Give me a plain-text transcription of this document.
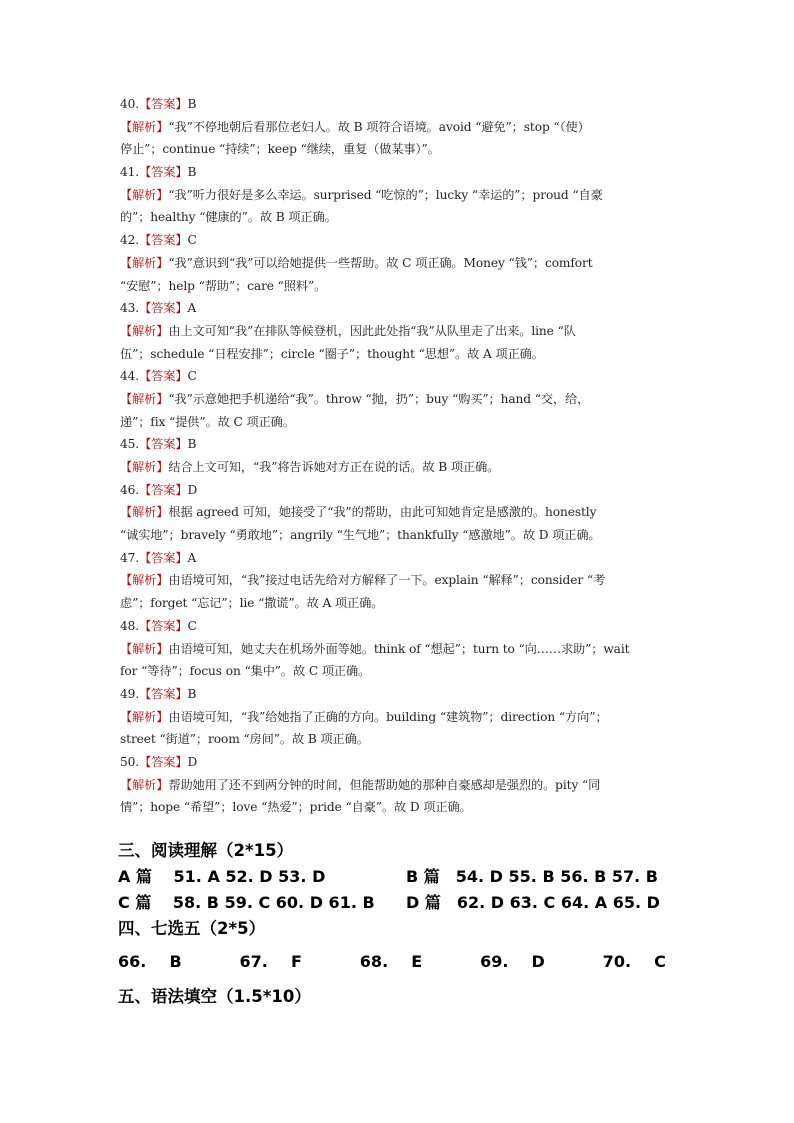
40.【答案】B
【解析】“我”不停地朝后看那位老妇人。故 B 项符合语境。avoid “避免”；stop “（使）
停止”；continue “持续”；keep “继续，重复（做某事）”。
41.【答案】B
【解析】“我”听力很好是多么幸运。surprised “吃惊的”；lucky “幸运的”；proud “自豪
的”；healthy “健康的”。故 B 项正确。
42.【答案】C
【解析】“我”意识到“我”可以给她提供一些帮助。故 C 项正确。Money “钱”；comfort
“安慰”；help “帮助”；care “照料”。
43.【答案】A
【解析】由上文可知“我”在排队等候登机，因此此处指“我”从队里走了出来。line “队
伍”；schedule “日程安排”；circle “圈子”；thought “思想”。故 A 项正确。
44.【答案】C
【解析】“我”示意她把手机递给“我”。throw “抛，扔”；buy “购买”；hand “交，给，
递”；fix “提供”。故 C 项正确。
45.【答案】B
【解析】结合上文可知，“我”将告诉她对方正在说的话。故 B 项正确。
46.【答案】D
【解析】根据 agreed 可知，她接受了“我”的帮助，由此可知她肯定是感激的。honestly
“诚实地”；bravely “勇敢地”；angrily “生气地”；thankfully “感激地”。故 D 项正确。
47.【答案】A
【解析】由语境可知，“我”接过电话先给对方解释了一下。explain “解释”；consider “考
虑”；forget “忘记”；lie “撒谎”。故 A 项正确。
48.【答案】C
【解析】由语境可知，她丈夫在机场外面等她。think of “想起”；turn to “向……求助”；wait
for “等待”；focus on “集中”。故 C 项正确。
49.【答案】B
【解析】由语境可知，“我”给她指了正确的方向。building “建筑物”；direction “方向”；
street “街道”；room “房间”。故 B 项正确。
50.【答案】D
【解析】帮助她用了还不到两分钟的时间，但能帮助她的那种自豪感却是强烈的。pity “同
情”；hope “希望”；love “热爱”；pride “自豪”。故 D 项正确。
三、阅读理解（2*15）
A 篇　 51. A 52. D 53. D	B 篇　54. D 55. B 56. B 57. B
C 篇　 58. B 59. C 60. D 61. B D 篇　62. D 63. C 64. A 65. D
四、七选五（2*5）
66.  B     67.  F     68.  E     69.  D     70.  C
五、语法填空（1.5*10）
